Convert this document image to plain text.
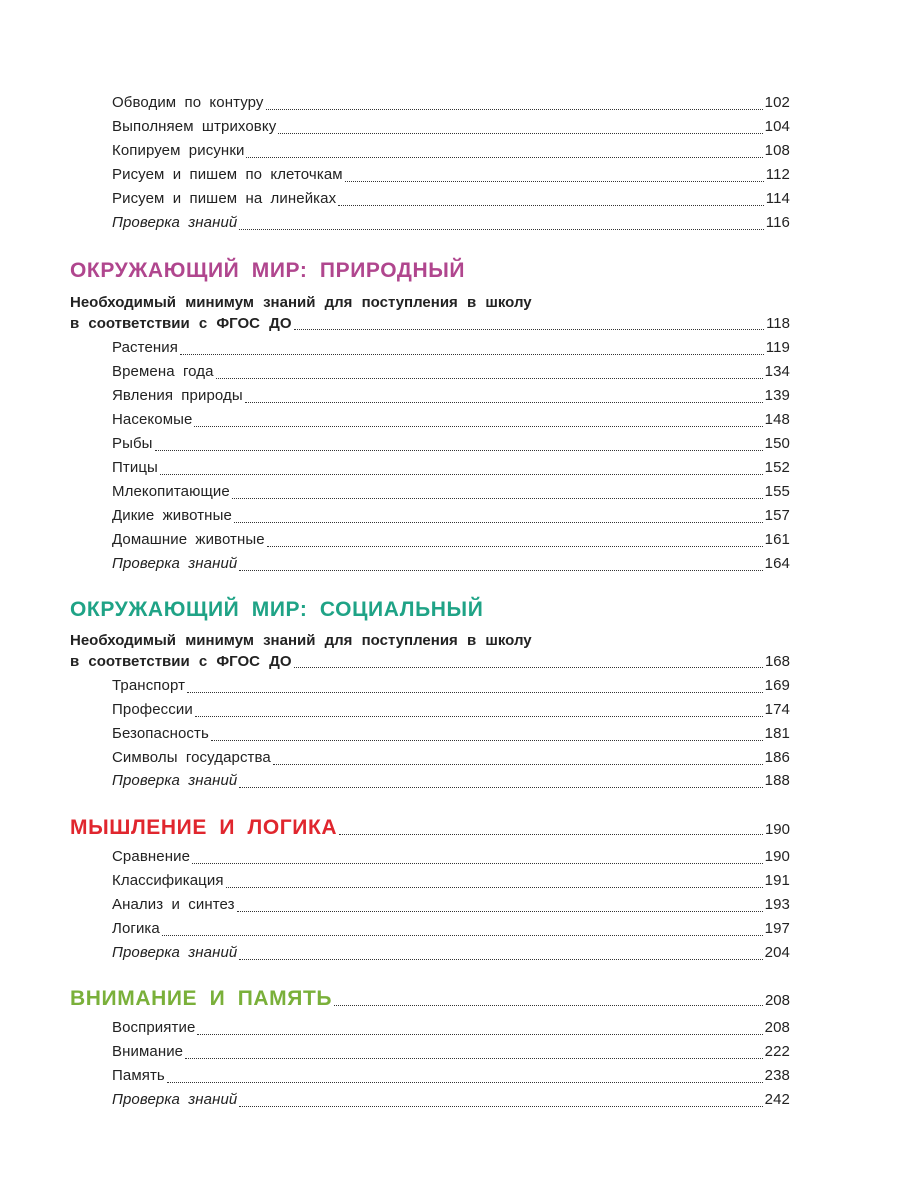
Обводим по контуру	102
Выполняем штриховку	104
Копируем рисунки	108
Рисуем и пишем по клеточкам	112
Рисуем и пишем на линейках	114
Проверка знаний	116
ОКРУЖАЮЩИЙ МИР: ПРИРОДНЫЙ
Необходимый минимум знаний для поступления в школу
в соответствии с ФГОС ДО	118
Растения	119
Времена года	134
Явления природы	139
Насекомые	148
Рыбы	150
Птицы	152
Млекопитающие	155
Дикие животные	157
Домашние животные	161
Проверка знаний	164
ОКРУЖАЮЩИЙ МИР: СОЦИАЛЬНЫЙ
Необходимый минимум знаний для поступления в школу
в соответствии с ФГОС ДО	168
Транспорт	169
Профессии	174
Безопасность	181
Символы государства	186
Проверка знаний	188
МЫШЛЕНИЕ И ЛОГИКА	190
Сравнение	190
Классификация	191
Анализ и синтез	193
Логика	197
Проверка знаний	204
ВНИМАНИЕ И ПАМЯТЬ	208
Восприятие	208
Внимание	222
Память	238
Проверка знаний	242
